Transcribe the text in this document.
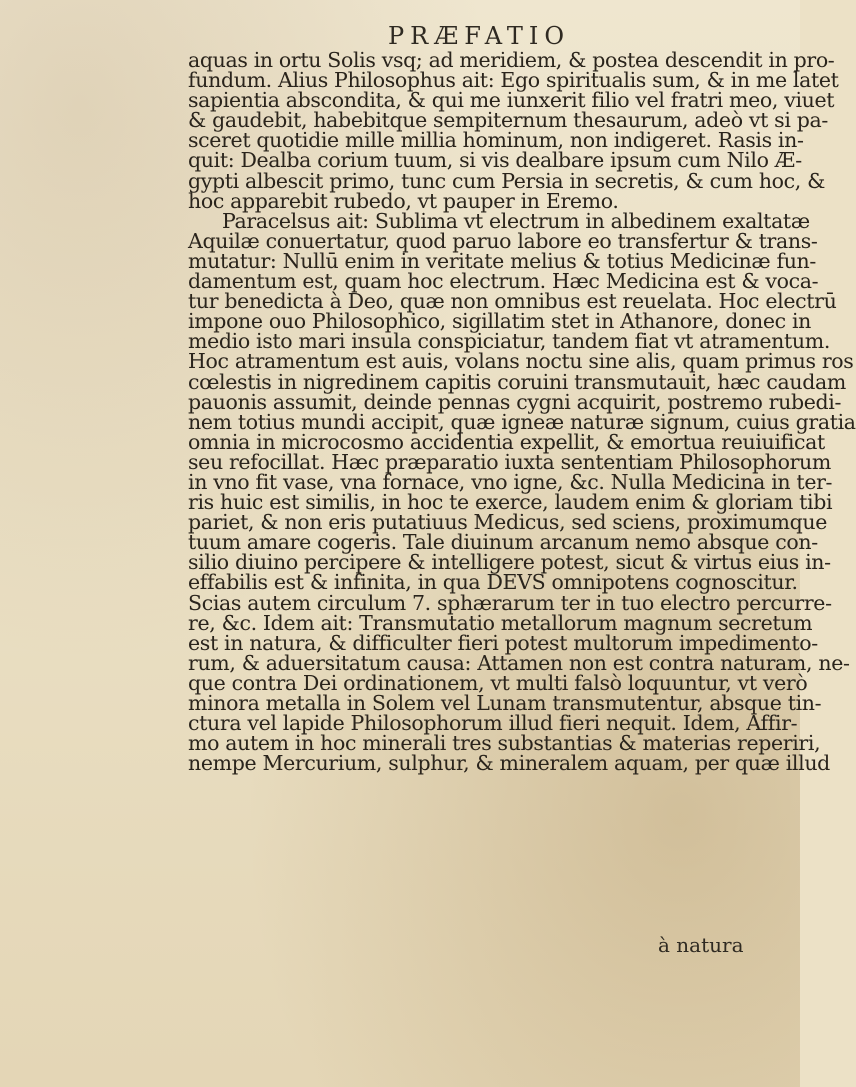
PRÆFATIO
aquas in ortu Solis vsq; ad meridiem, & postea descendit in pro-
fundum. Alius Philosophus ait: Ego spiritualis sum, & in me latet
sapientia abscondita, & qui me iunxerit filio vel fratri meo, viuet
& gaudebit, habebitque sempiternum thesaurum, adeò vt si pa-
sceret quotidie mille millia hominum, non indigeret. Rasis in-
quit: Dealba corium tuum, si vis dealbare ipsum cum Nilo Æ-
gypti albescit primo, tunc cum Persia in secretis, & cum hoc, &
hoc apparebit rubedo, vt pauper in Eremo.
Paracelsus ait: Sublima vt electrum in albedinem exaltatæ
Aquilæ conuertatur, quod paruo labore eo transfertur & trans-
mutatur: Nullū enim in veritate melius & totius Medicinæ fun-
damentum est, quam hoc electrum. Hæc Medicina est & voca-
tur benedicta à Deo, quæ non omnibus est reuelata. Hoc electrū
impone ouo Philosophico, sigillatim stet in Athanore, donec in
medio isto mari insula conspiciatur, tandem fiat vt atramentum.
Hoc atramentum est auis, volans noctu sine alis, quam primus ros
cœlestis in nigredinem capitis coruini transmutauit, hæc caudam
pauonis assumit, deinde pennas cygni acquirit, postremo rubedi-
nem totius mundi accipit, quæ igneæ naturæ signum, cuius gratia
omnia in microcosmo accidentia expellit, & emortua reuiuificat
seu refocillat. Hæc præparatio iuxta sententiam Philosophorum
in vno fit vase, vna fornace, vno igne, &c. Nulla Medicina in ter-
ris huic est similis, in hoc te exerce, laudem enim & gloriam tibi
pariet, & non eris putatiuus Medicus, sed sciens, proximumque
tuum amare cogeris. Tale diuinum arcanum nemo absque con-
silio diuino percipere & intelligere potest, sicut & virtus eius in-
effabilis est & infinita, in qua DEVS omnipotens cognoscitur.
Scias autem circulum 7. sphærarum ter in tuo electro percurre-
re, &c. Idem ait: Transmutatio metallorum magnum secretum
est in natura, & difficulter fieri potest multorum impedimento-
rum, & aduersitatum causa: Attamen non est contra naturam, ne-
que contra Dei ordinationem, vt multi falsò loquuntur, vt verò
minora metalla in Solem vel Lunam transmutentur, absque tin-
ctura vel lapide Philosophorum illud fieri nequit. Idem, Affir-
mo autem in hoc minerali tres substantias & materias reperiri,
nempe Mercurium, sulphur, & mineralem aquam, per quæ illud
à natura
